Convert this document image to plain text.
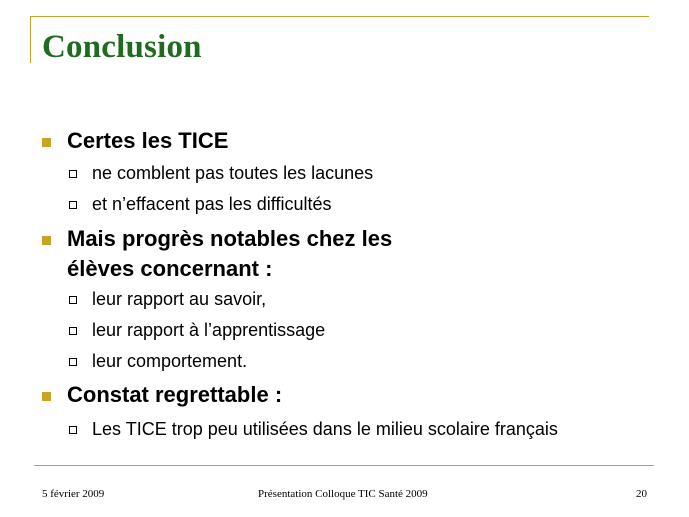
Conclusion
Certes les TICE
ne comblent pas toutes les lacunes
et n’effacent pas les difficultés
Mais progrès notables chez les
élèves concernant :
leur rapport au savoir,
leur rapport à l’apprentissage
leur comportement.
Constat regrettable :
Les TICE trop peu utilisées dans le milieu scolaire français
5 février 2009	Présentation Colloque TIC Santé 2009	20
